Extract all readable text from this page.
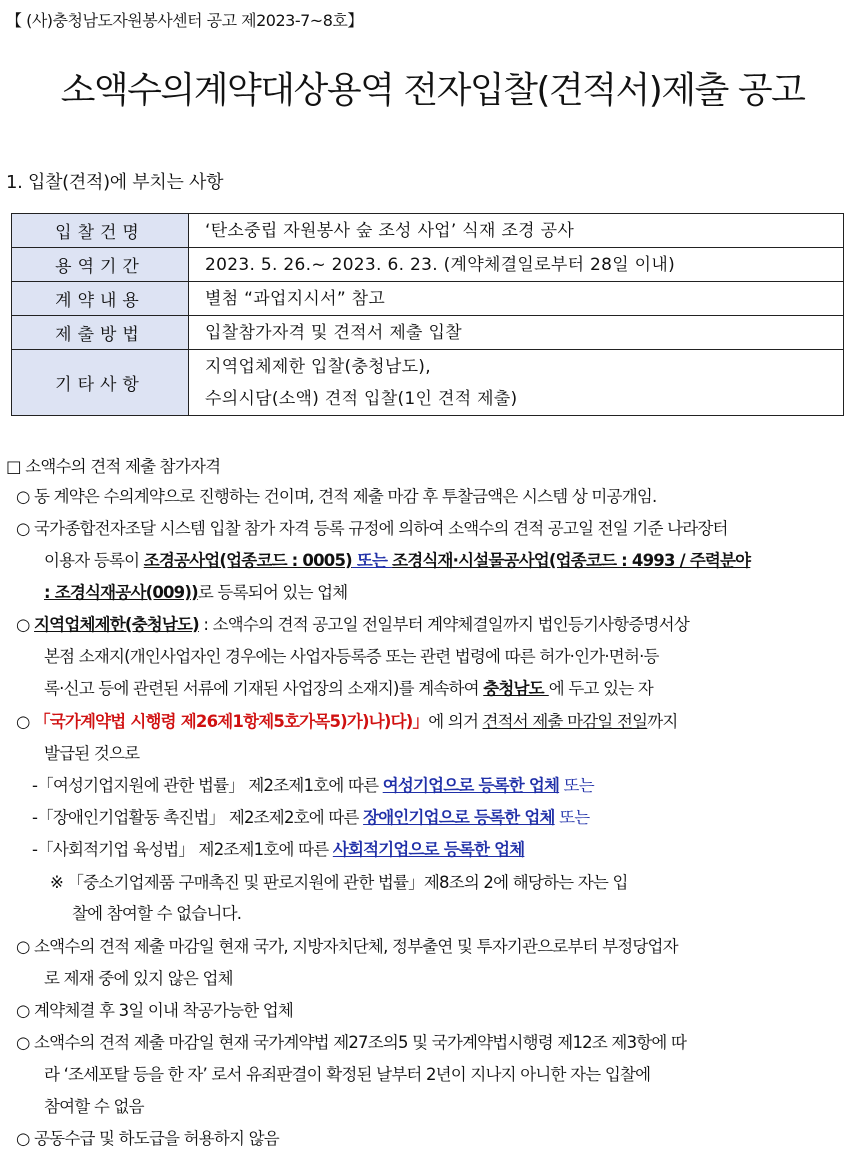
【 (사)충청남도자원봉사센터 공고 제2023-7~8호】
소액수의계약대상용역 전자입찰(견적서)제출 공고
1. 입찰(견적)에 부치는 사항
입찰건명	‘탄소중립 자원봉사 숲 조성 사업’ 식재 조경 공사

용역기간	2023. 5. 26.~ 2023. 6. 23. (계약체결일로부터 28일 이내)

계약내용	별첨 “과업지시서” 참고

제출방법	입찰참가자격 및 견적서 제출 입찰

기타사항	지역업체제한 입찰(충청남도),
수의시담(소액) 견적 입찰(1인 견적 제출)
□ 소액수의 견적 제출 참가자격
○ 동 계약은 수의계약으로 진행하는 건이며, 견적 제출 마감 후 투찰금액은 시스템 상 미공개임.
○ 국가종합전자조달 시스템 입찰 참가 자격 등록 규정에 의하여 소액수의 견적 공고일 전일 기준 나라장터
이용자 등록이 조경공사업(업종코드 : 0005) 또는 조경식재·시설물공사업(업종코드 : 4993 / 주력분야
: 조경식재공사(009))로 등록되어 있는 업체
○ 지역업체제한(충청남도) : 소액수의 견적 공고일 전일부터 계약체결일까지 법인등기사항증명서상
본점 소재지(개인사업자인 경우에는 사업자등록증 또는 관련 법령에 따른 허가·인가·면허·등
록·신고 등에 관련된 서류에 기재된 사업장의 소재지)를 계속하여 충청남도 에 두고 있는 자
○ 「국가계약법 시행령 제26제1항제5호가목5)가)나)다)」에 의거 견적서 제출 마감일 전일까지
발급된 것으로
-「여성기업지원에 관한 법률」 제2조제1호에 따른 여성기업으로 등록한 업체 또는
-「장애인기업활동 촉진법」 제2조제2호에 따른 장애인기업으로 등록한 업체 또는
-「사회적기업 육성법」 제2조제1호에 따른 사회적기업으로 등록한 업체
※ 「중소기업제품 구매촉진 및 판로지원에 관한 법률」제8조의 2에 해당하는 자는 입
찰에 참여할 수 없습니다.
○ 소액수의 견적 제출 마감일 현재 국가, 지방자치단체, 정부출연 및 투자기관으로부터 부정당업자
로 제재 중에 있지 않은 업체
○ 계약체결 후 3일 이내 착공가능한 업체
○ 소액수의 견적 제출 마감일 현재 국가계약법 제27조의5 및 국가계약법시행령 제12조 제3항에 따
라 ‘조세포탈 등을 한 자’ 로서 유죄판결이 확정된 날부터 2년이 지나지 아니한 자는 입찰에
참여할 수 없음
○ 공동수급 및 하도급을 허용하지 않음
